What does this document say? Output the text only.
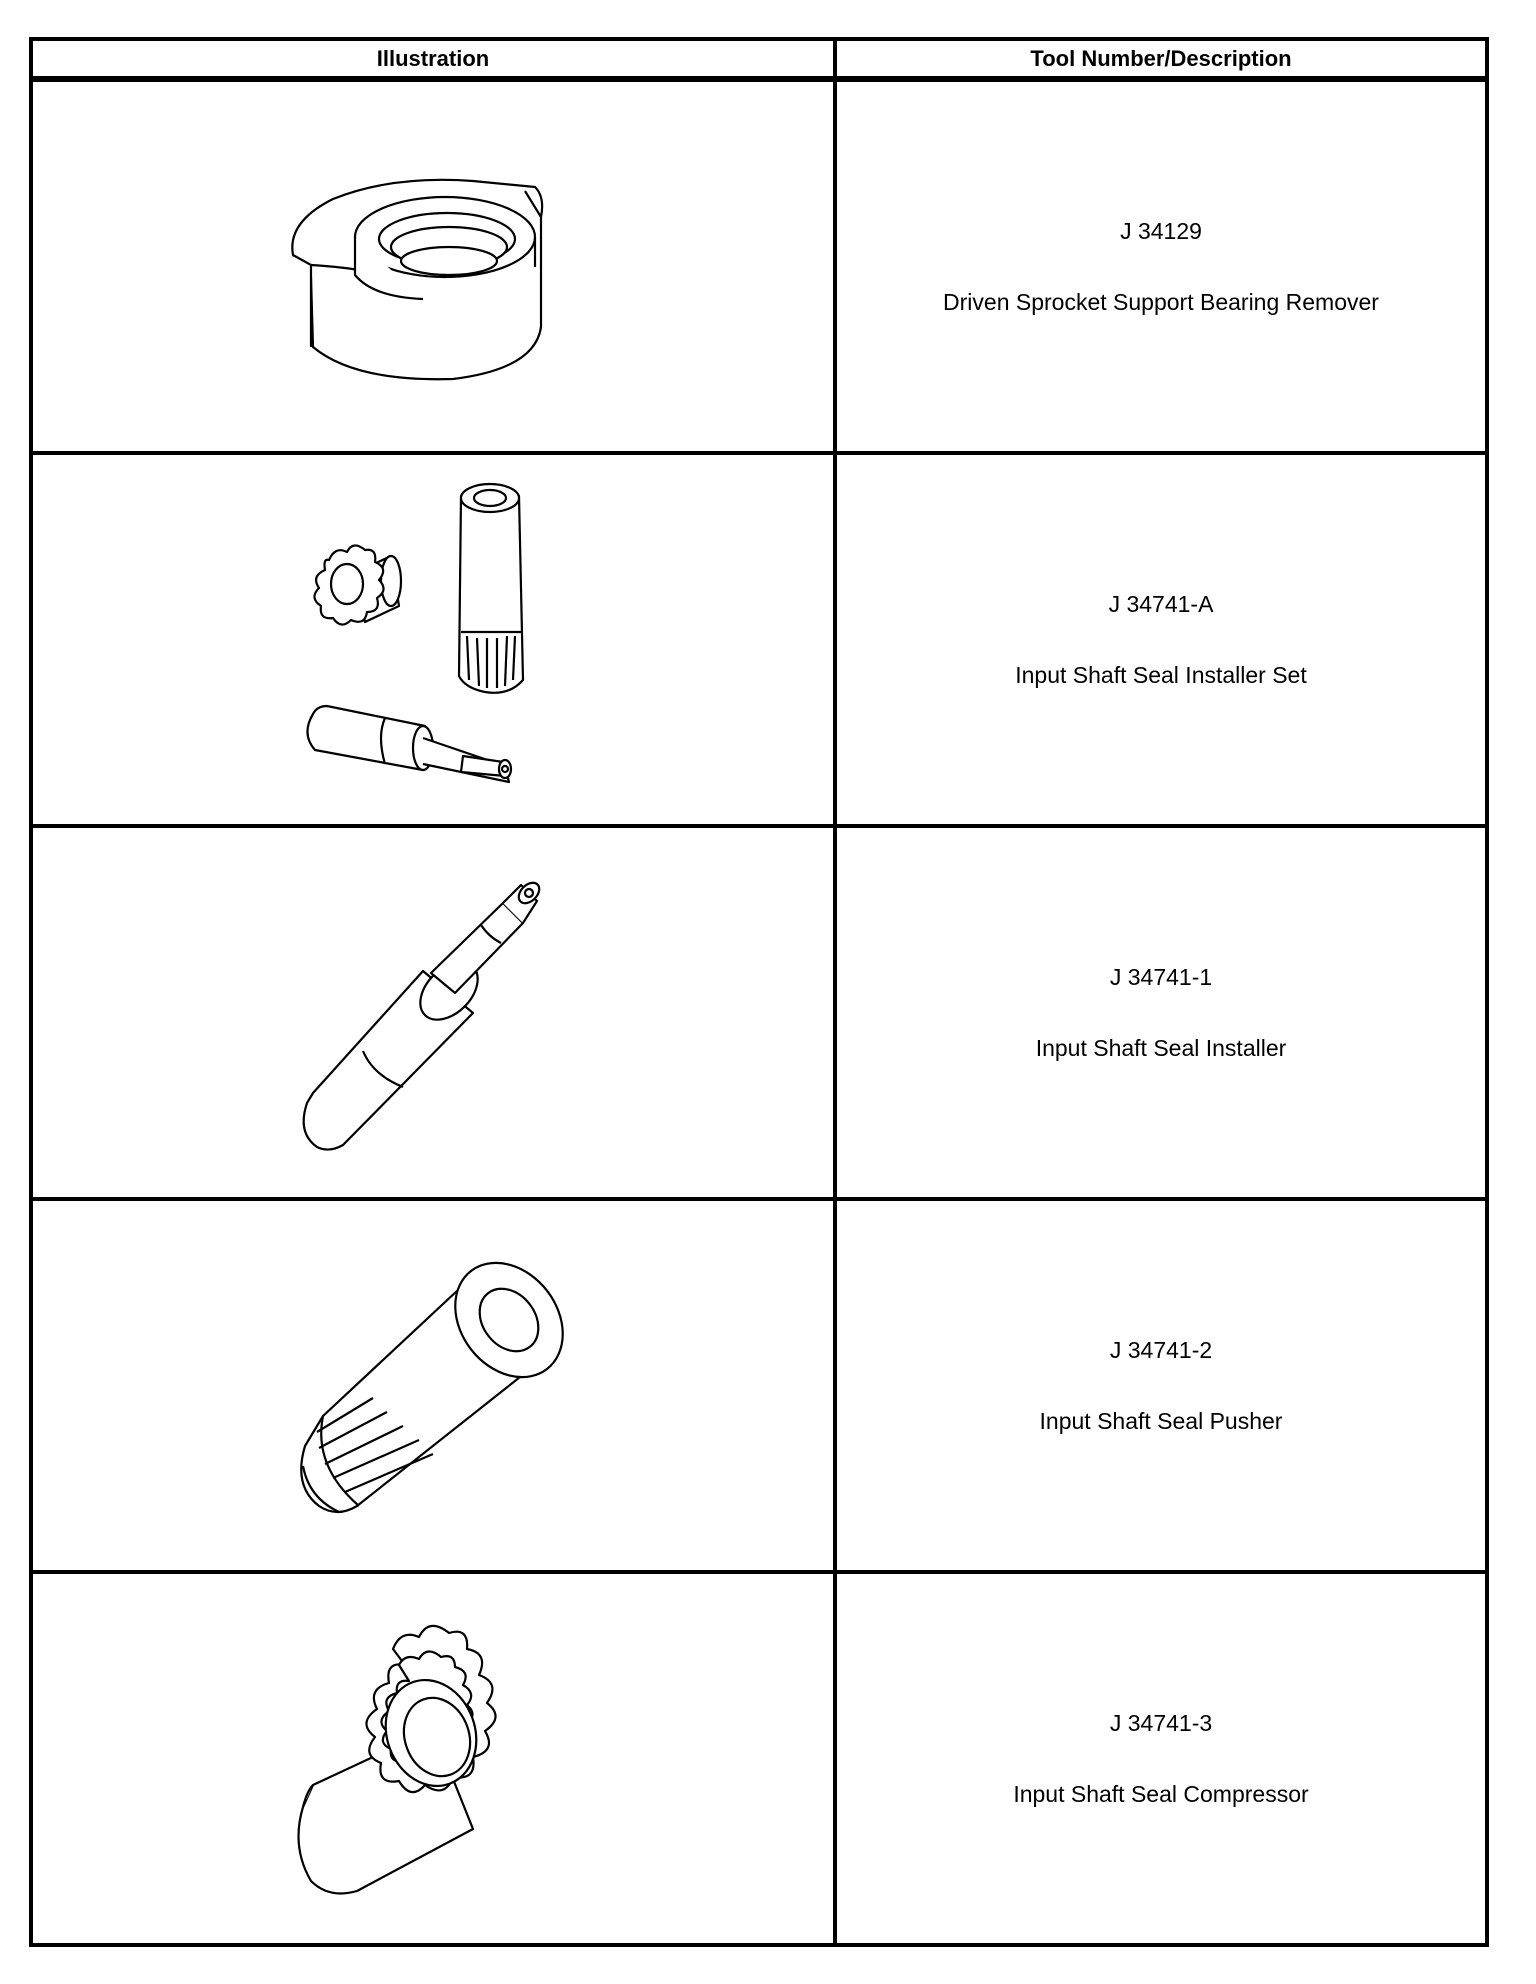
Illustration	Tool Number/Description

J 34129
Driven Sprocket Support Bearing Remover

J 34741-A
Input Shaft Seal Installer Set

J 34741-1
Input Shaft Seal Installer

J 34741-2
Input Shaft Seal Pusher

J 34741-3
Input Shaft Seal Compressor
